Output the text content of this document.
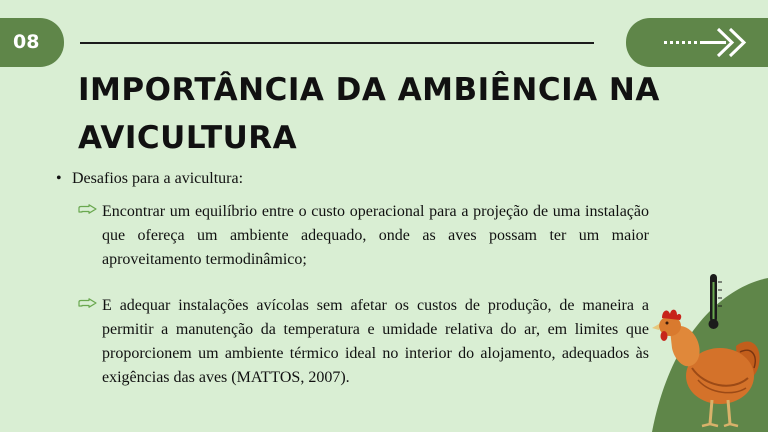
08
IMPORTÂNCIA DA AMBIÊNCIA NA AVICULTURA
• Desafios para a avicultura:

Encontrar um equilíbrio entre o custo operacional para a projeção de uma instalação que ofereça um ambiente adequado, onde as aves possam ter um maior aproveitamento termodinâmico;

E adequar instalações avícolas sem afetar os custos de produção, de maneira a permitir a manutenção da temperatura e umidade relativa do ar, em limites que proporcionem um ambiente térmico ideal no interior do alojamento, adequados às exigências das aves (MATTOS, 2007).
